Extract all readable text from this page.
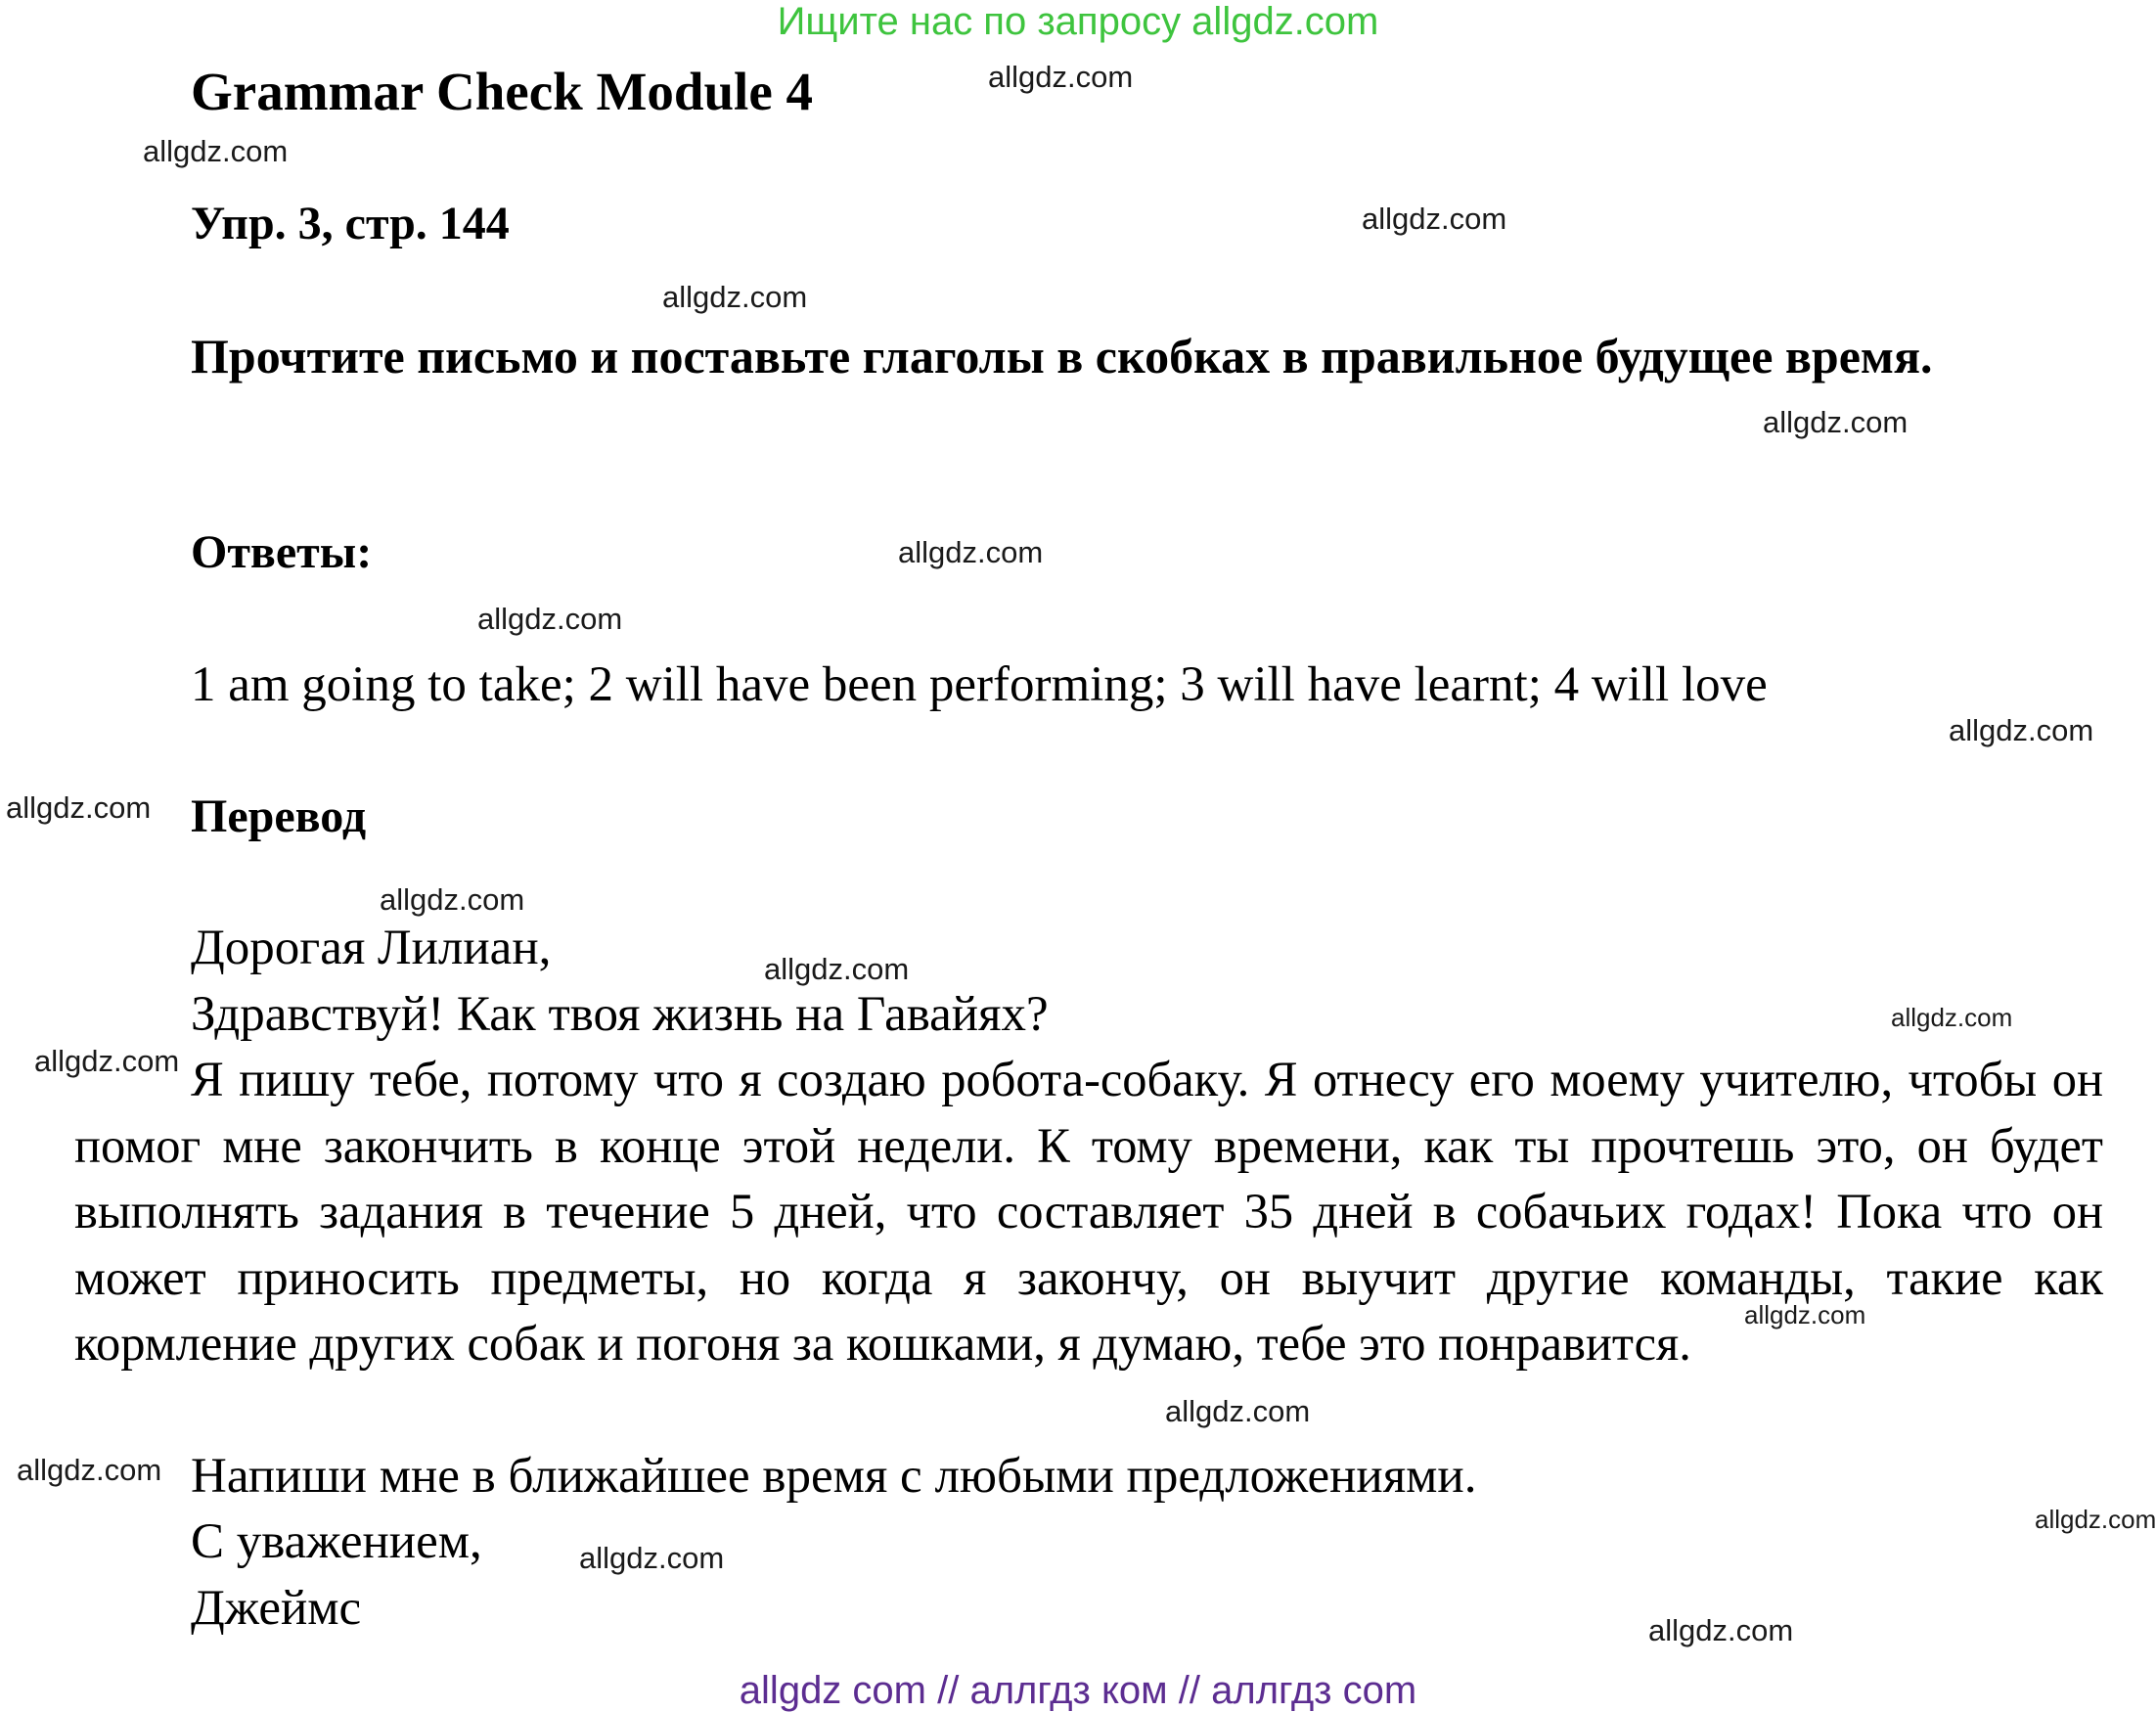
Ищите нас по запросу allgdz.com
Grammar Check Module 4
Упр. 3, стр. 144
Прочтите письмо и поставьте глаголы в скобках в правильное будущее время.
Ответы:
1 am going to take; 2 will have been performing; 3 will have learnt; 4 will love
Перевод
Дорогая Лилиан,
Здравствуй! Как твоя жизнь на Гавайях?
Я пишу тебе, потому что я создаю робота-собаку. Я отнесу его моему учителю, чтобы он помог мне закончить в конце этой недели. К тому времени, как ты прочтешь это, он будет выполнять задания в течение 5 дней, что составляет 35 дней в собачьих годах! Пока что он может приносить предметы, но когда я закончу, он выучит другие команды, такие как кормление других собак и погоня за кошками, я думаю, тебе это понравится.
Напиши мне в ближайшее время с любыми предложениями.
С уважением,
Джеймс
allgdz.com
allgdz.com
allgdz.com
allgdz.com
allgdz.com
allgdz.com
allgdz.com
allgdz.com
allgdz.com
allgdz.com
allgdz.com
allgdz.com
allgdz.com
allgdz.com
allgdz.com
allgdz.com
allgdz.com
allgdz.com
allgdz.com
allgdz com // аллгдз ком // аллгдз com
